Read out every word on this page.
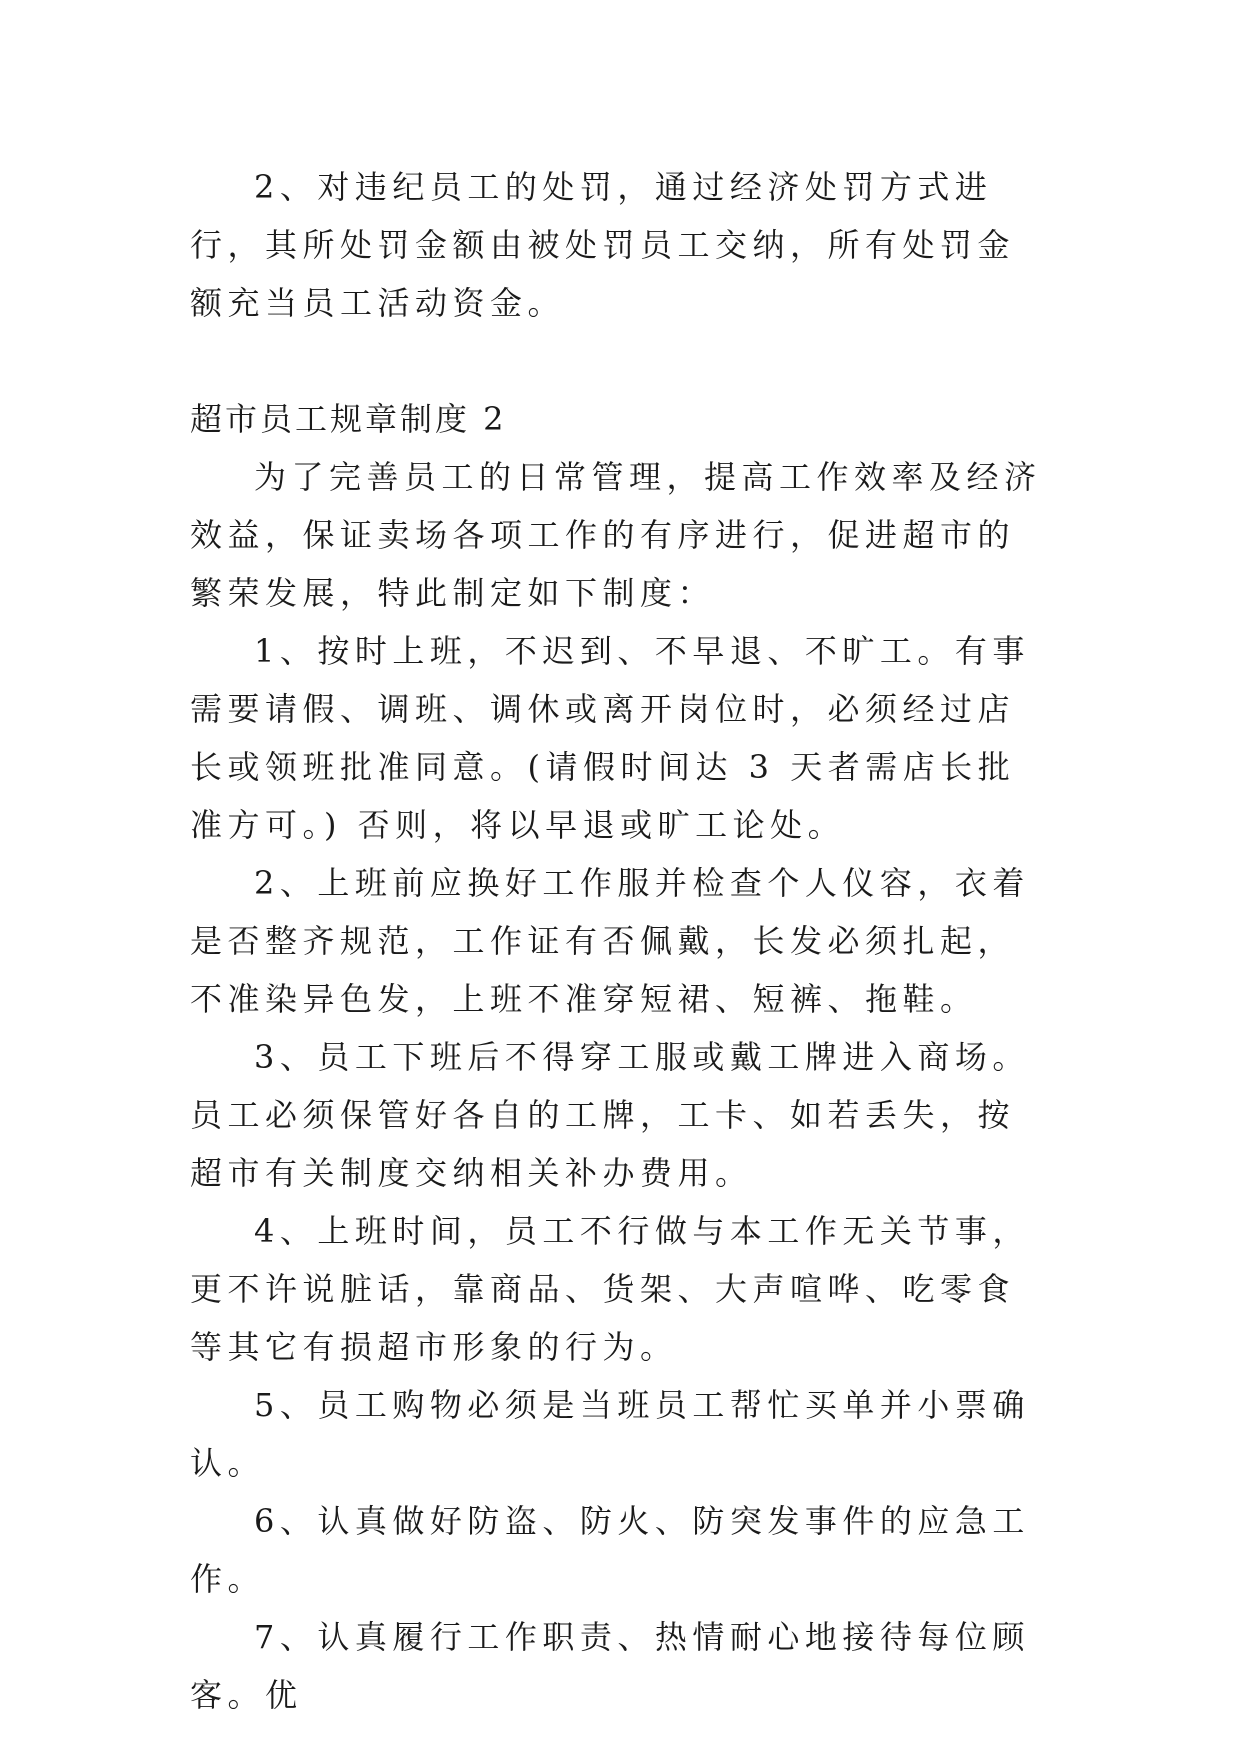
2、对违纪员工的处罚，通过经济处罚方式进行，其所处罚金额由被处罚员工交纳，所有处罚金额充当员工活动资金。

超市员工规章制度 2

为了完善员工的日常管理，提高工作效率及经济效益，保证卖场各项工作的有序进行，促进超市的繁荣发展，特此制定如下制度：

1、按时上班，不迟到、不早退、不旷工。有事需要请假、调班、调休或离开岗位时，必须经过店长或领班批准同意。(请假时间达 3 天者需店长批准方可。) 否则，将以早退或旷工论处。

2、上班前应换好工作服并检查个人仪容，衣着是否整齐规范，工作证有否佩戴，长发必须扎起，不准染异色发，上班不准穿短裙、短裤、拖鞋。

3、员工下班后不得穿工服或戴工牌进入商场。员工必须保管好各自的工牌，工卡、如若丢失，按超市有关制度交纳相关补办费用。

4、上班时间，员工不行做与本工作无关节事，更不许说脏话，靠商品、货架、大声喧哗、吃零食等其它有损超市形象的行为。

5、员工购物必须是当班员工帮忙买单并小票确认。

6、认真做好防盗、防火、防突发事件的应急工作。

7、认真履行工作职责、热情耐心地接待每位顾客。优
